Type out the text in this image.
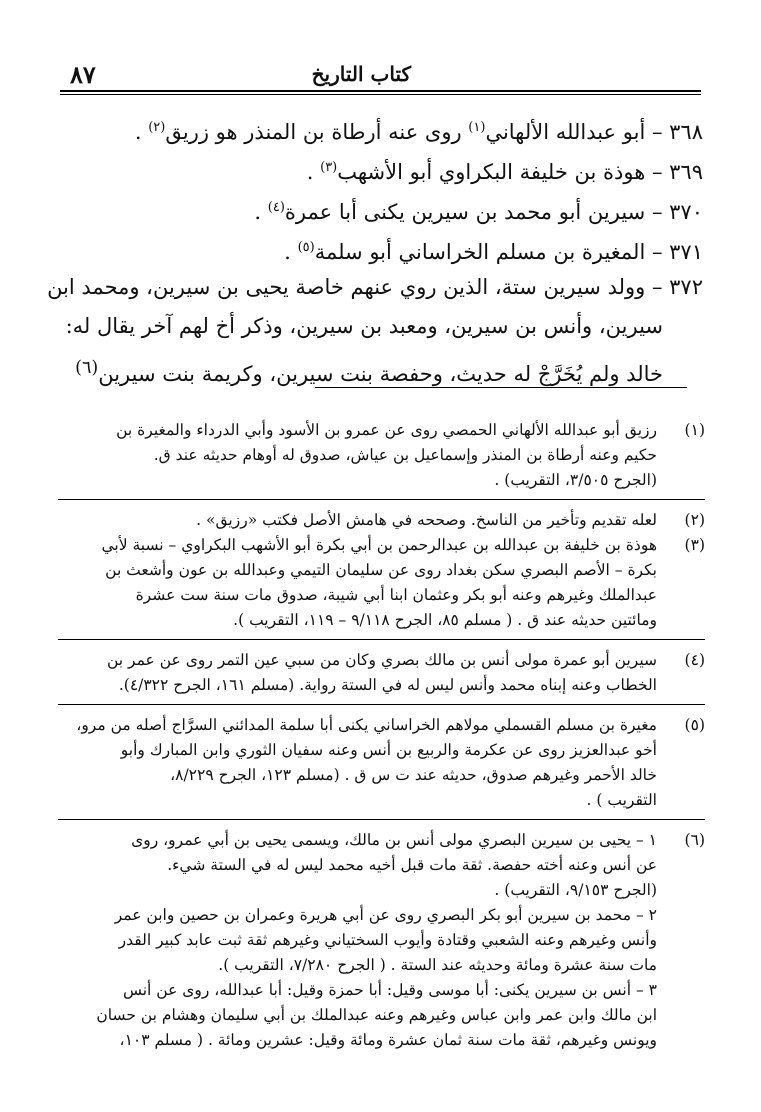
٨٧	كتاب التاريخ
٣٦٨ – أبو عبدالله الألهاني$^{(١)}$ روى عنه أرطاة بن المنذر هو زريق$^{(٢)}$ .
٣٦٩ – هوذة بن خليفة البكراوي أبو الأشهب$^{(٣)}$ .
٣٧٠ – سيرين أبو محمد بن سيرين يكنى أبا عمرة$^{(٤)}$ .
٣٧١ – المغيرة بن مسلم الخراساني أبو سلمة$^{(٥)}$ .
٣٧٢ – وولد سيرين ستة، الذين روي عنهم خاصة يحيى بن سيرين، ومحمد ابن
سيرين، وأنس بن سيرين، ومعبد بن سيرين، وذكر أخ لهم آخر يقال له:
خالد ولم يُخَرَّجْ له حديث، وحفصة بنت سيرين، وكريمة بنت سيرين$^{(٦)}$
(١)
رزيق أبو عبدالله الألهاني الحمصي روى عن عمرو بن الأسود وأبي الدرداء والمغيرة بن
حكيم وعنه أرطاة بن المنذر وإسماعيل بن عياش، صدوق له أوهام حديثه عند ق.
(الجرح ٣/٥٠٥، التقريب) .
(٢)
لعله تقديم وتأخير من الناسخ. وصححه في هامش الأصل فكتب «رزيق» .
(٣)
هوذة بن خليفة بن عبدالله بن عبدالرحمن بن أبي بكرة أبو الأشهب البكراوي – نسبة لأبي
بكرة – الأصم البصري سكن بغداد روى عن سليمان التيمي وعبدالله بن عون وأشعث بن
عبدالملك وغيرهم وعنه أبو بكر وعثمان ابنا أبي شيبة، صدوق مات سنة ست عشرة
ومائتين حديثه عند ق . ( مسلم ٨٥، الجرح ٩/١١٨ – ١١٩، التقريب ).
(٤)
سيرين أبو عمرة مولى أنس بن مالك بصري وكان من سبي عين التمر روى عن عمر بن
الخطاب وعنه إبناه محمد وأنس ليس له في الستة رواية. (مسلم ١٦١، الجرح ٤/٣٢٢).
(٥)
مغيرة بن مسلم القسملي مولاهم الخراساني يكنى أبا سلمة المدائني السرَّاج أصله من مرو،
أخو عبدالعزيز روى عن عكرمة والربيع بن أنس وعنه سفيان الثوري وابن المبارك وأبو
خالد الأحمر وغيرهم صدوق، حديثه عند ت س ق . (مسلم ١٢٣، الجرح ٨/٢٢٩،
التقريب ) .
(٦)
١ – يحيى بن سيرين البصري مولى أنس بن مالك، ويسمى يحيى بن أبي عمرو، روى
عن أنس وعنه أخته حفصة. ثقة مات قبل أخيه محمد ليس له في الستة شيء.
(الجرح ٩/١٥٣، التقريب) .
٢ – محمد بن سيرين أبو بكر البصري روى عن أبي هريرة وعمران بن حصين وابن عمر
وأنس وغيرهم وعنه الشعبي وقتادة وأيوب السختياني وغيرهم ثقة ثبت عابد كبير القدر
مات سنة عشرة ومائة وحديثه عند الستة . ( الجرح ٧/٢٨٠، التقريب ).
٣ – أنس بن سيرين يكنى: أبا موسى وقيل: أبا حمزة وقيل: أبا عبدالله، روى عن أنس
ابن مالك وابن عمر وابن عباس وغيرهم وعنه عبدالملك بن أبي سليمان وهشام بن حسان
ويونس وغيرهم، ثقة مات سنة ثمان عشرة ومائة وقيل: عشرين ومائة . ( مسلم ١٠٣،
